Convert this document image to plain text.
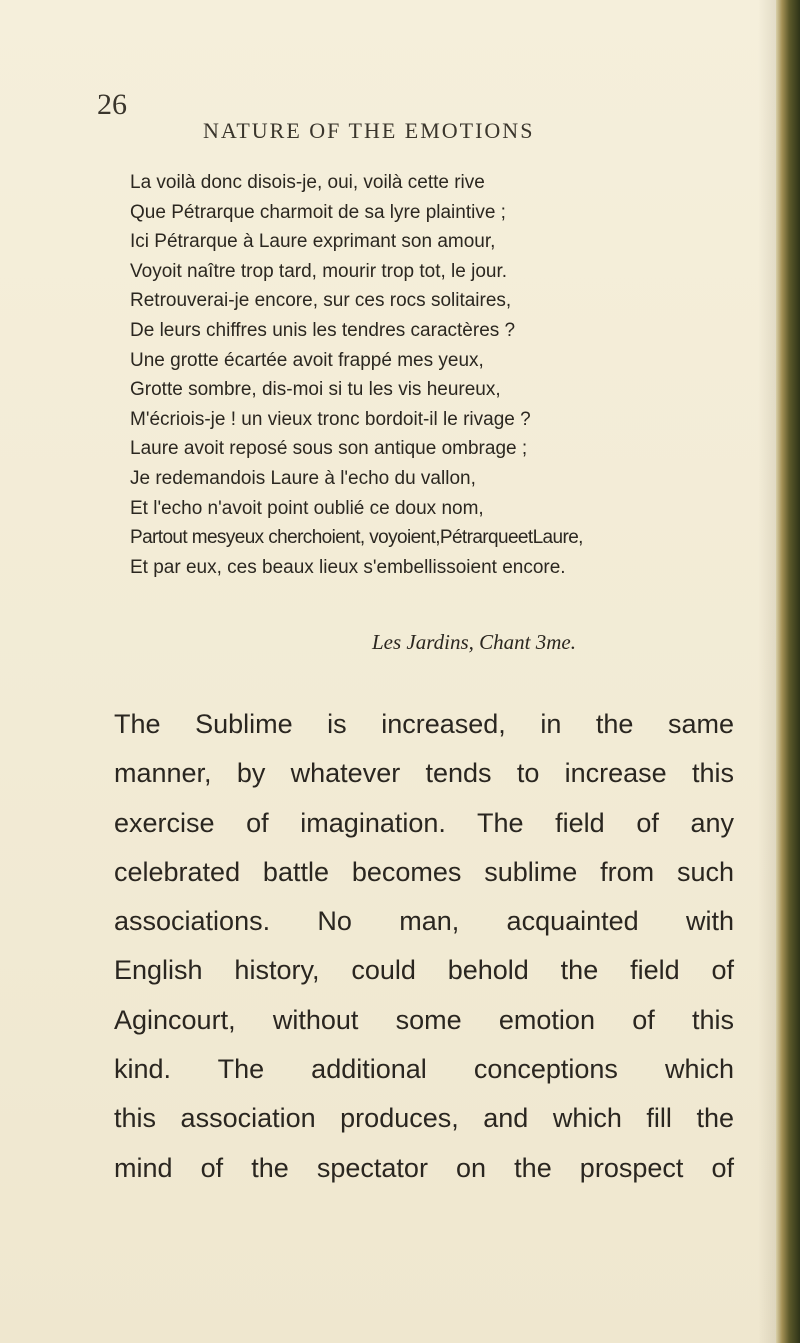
26
NATURE OF THE EMOTIONS
La voilà donc disois-je, oui, voilà cette rive
Que Pétrarque charmoit de sa lyre plaintive ;
Ici Pétrarque à Laure exprimant son amour,
Voyoit naître trop tard, mourir trop tot, le jour.
Retrouverai-je encore, sur ces rocs solitaires,
De leurs chiffres unis les tendres caractères ?
Une grotte écartée avoit frappé mes yeux,
Grotte sombre, dis-moi si tu les vis heureux,
M'écriois-je ! un vieux tronc bordoit-il le rivage ?
Laure avoit reposé sous son antique ombrage ;
Je redemandois Laure à l'echo du vallon,
Et l'echo n'avoit point oublié ce doux nom,
Partout mesyeux cherchoient, voyoient,PétrarqueetLaure,
Et par eux, ces beaux lieux s'embellissoient encore.
Les Jardins, Chant 3me.
The Sublime is increased, in the same
manner, by whatever tends to increase this
exercise of imagination. The field of any
celebrated battle becomes sublime from such
associations. No man, acquainted with
English history, could behold the field of
Agincourt, without some emotion of this
kind. The additional conceptions which
this association produces, and which fill the
mind of the spectator on the prospect of
